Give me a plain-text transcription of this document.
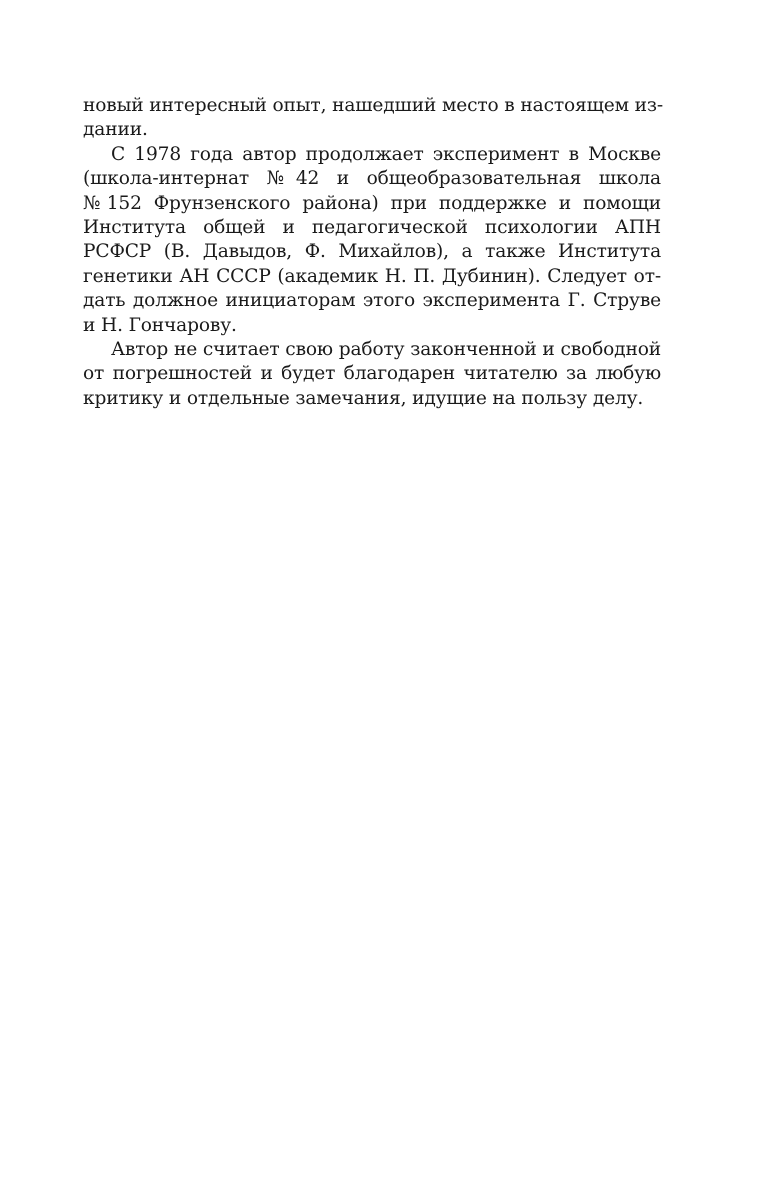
новый интересный опыт, нашедший место в настоящем из-
дании.
С 1978 года автор продолжает эксперимент в Москве
(школа-интернат №42 и общеобразовательная школа
№152 Фрунзенского района) при поддержке и помощи
Института общей и педагогической психологии АПН
РСФСР (В. Давыдов, Ф. Михайлов), а также Института
генетики АН СССР (академик Н. П. Дубинин). Следует от-
дать должное инициаторам этого эксперимента Г. Струве
и Н. Гончарову.
Автор не считает свою работу законченной и свободной
от погрешностей и будет благодарен читателю за любую
критику и отдельные замечания, идущие на пользу делу.
